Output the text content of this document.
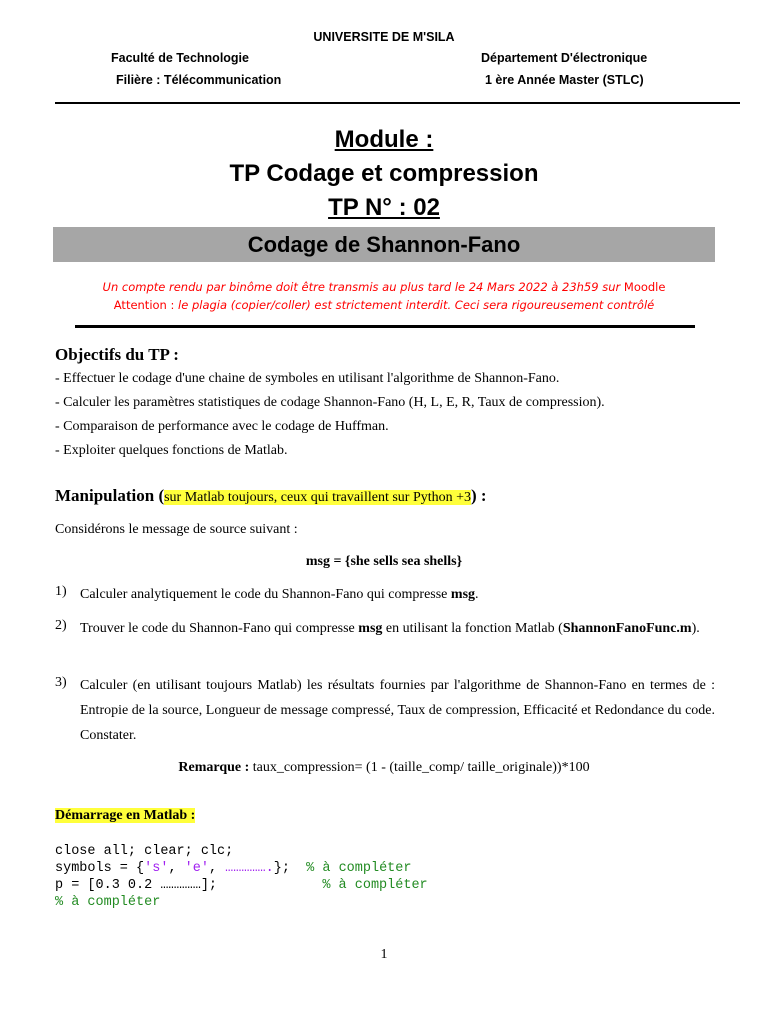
UNIVERSITE DE M'SILA
Faculté de Technologie	Département D'électronique
Filière : Télécommunication	1 ère Année Master (STLC)
Module :
TP Codage et compression
TP N° : 02
Codage de Shannon-Fano
Un compte rendu par binôme doit être transmis au plus tard le 24 Mars 2022 à 23h59 sur Moodle
Attention : le plagia (copier/coller) est strictement interdit. Ceci sera rigoureusement contrôlé
Objectifs du TP :
- Effectuer le codage d'une chaine de symboles en utilisant l'algorithme de Shannon-Fano.
- Calculer les paramètres statistiques de codage Shannon-Fano (H, L, E, R, Taux de compression).
- Comparaison de performance avec le codage de Huffman.
- Exploiter quelques fonctions de Matlab.
Manipulation (sur Matlab toujours, ceux qui travaillent sur Python +3) :
Considérons le message de source suivant :
msg = {she sells sea shells}
1) Calculer analytiquement le code du Shannon-Fano qui compresse msg.
2) Trouver le code du Shannon-Fano qui compresse msg en utilisant la fonction Matlab (ShannonFanoFunc.m).
3) Calculer (en utilisant toujours Matlab) les résultats fournies par l'algorithme de Shannon-Fano en termes de : Entropie de la source, Longueur de message compressé, Taux de compression, Efficacité et Redondance du code. Constater.
Remarque : taux_compression= (1 - (taille_comp/ taille_originale))*100
Démarrage en Matlab :
close all; clear; clc;
symbols = {'s', 'e', …………….};  % à compléter
p = [0.3 0.2 ……………];             % à compléter
% à compléter
1
